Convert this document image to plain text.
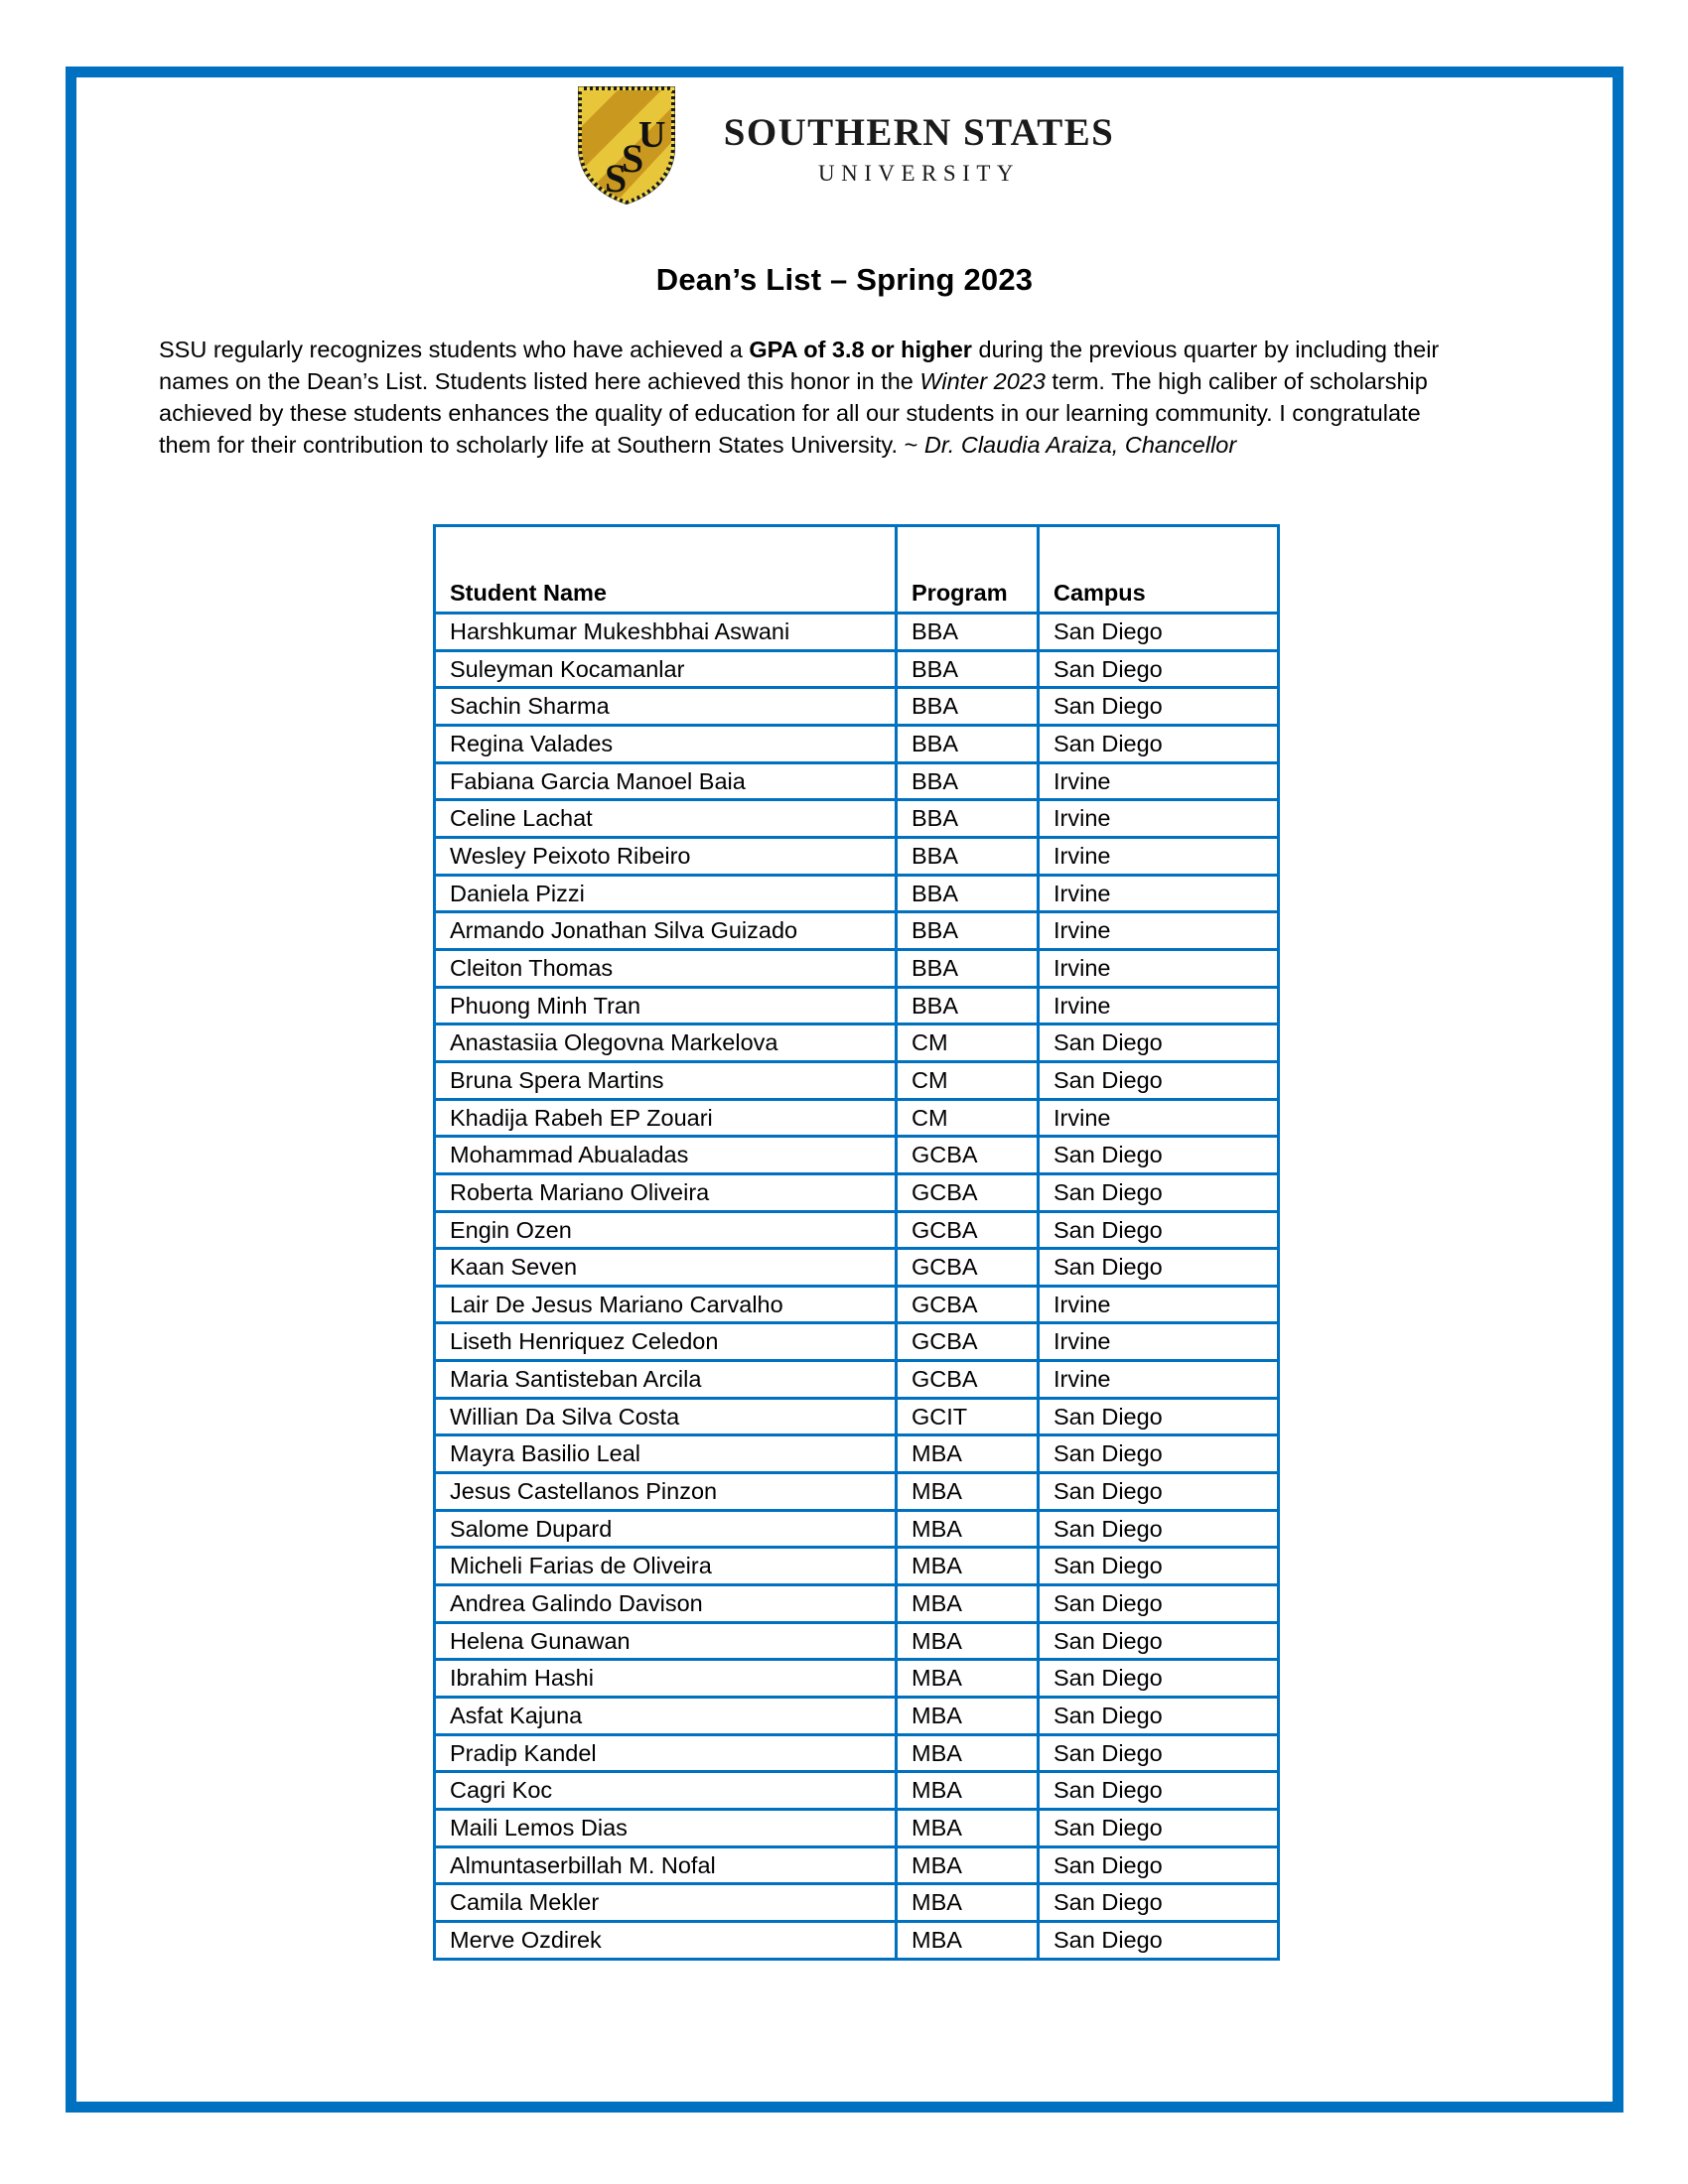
S
S
U SOUTHERN STATES
UNIVERSITY
Dean’s List – Spring 2023

SSU regularly recognizes students who have achieved a GPA of 3.8 or higher during the previous quarter by including their names on the Dean’s List. Students listed here achieved this honor in the Winter 2023 term. The high caliber of scholarship achieved by these students enhances the quality of education for all our students in our learning community. I congratulate them for their contribution to scholarly life at Southern States University. ~ Dr. Claudia Araiza, Chancellor

Student Name	Program	Campus
Harshkumar Mukeshbhai Aswani	BBA	San Diego
Suleyman Kocamanlar	BBA	San Diego
Sachin Sharma	BBA	San Diego
Regina Valades	BBA	San Diego
Fabiana Garcia Manoel Baia	BBA	Irvine
Celine Lachat	BBA	Irvine
Wesley Peixoto Ribeiro	BBA	Irvine
Daniela Pizzi	BBA	Irvine
Armando Jonathan Silva Guizado	BBA	Irvine
Cleiton Thomas	BBA	Irvine
Phuong Minh Tran	BBA	Irvine
Anastasiia Olegovna Markelova	CM	San Diego
Bruna Spera Martins	CM	San Diego
Khadija Rabeh EP Zouari	CM	Irvine
Mohammad Abualadas	GCBA	San Diego
Roberta Mariano Oliveira	GCBA	San Diego
Engin Ozen	GCBA	San Diego
Kaan Seven	GCBA	San Diego
Lair De Jesus Mariano Carvalho	GCBA	Irvine
Liseth Henriquez Celedon	GCBA	Irvine
Maria Santisteban Arcila	GCBA	Irvine
Willian Da Silva Costa	GCIT	San Diego
Mayra Basilio Leal	MBA	San Diego
Jesus Castellanos Pinzon	MBA	San Diego
Salome Dupard	MBA	San Diego
Micheli Farias de Oliveira	MBA	San Diego
Andrea Galindo Davison	MBA	San Diego
Helena Gunawan	MBA	San Diego
Ibrahim Hashi	MBA	San Diego
Asfat Kajuna	MBA	San Diego
Pradip Kandel	MBA	San Diego
Cagri Koc	MBA	San Diego
Maili Lemos Dias	MBA	San Diego
Almuntaserbillah M. Nofal	MBA	San Diego
Camila Mekler	MBA	San Diego
Merve Ozdirek	MBA	San Diego
